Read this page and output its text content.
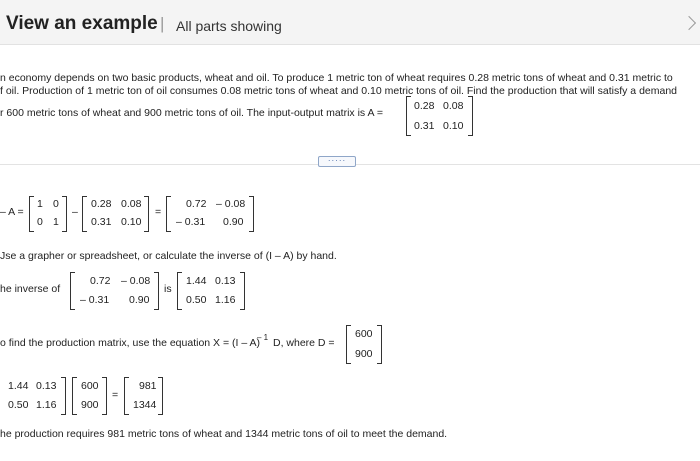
View an example | All parts showing
n economy depends on two basic products, wheat and oil. To produce 1 metric ton of wheat requires 0.28 metric tons of wheat and 0.31 metric to
f oil. Production of 1 metric ton of oil consumes 0.08 metric tons of wheat and 0.10 metric tons of oil. Find the production that will satisfy a demand
r 600 metric tons of wheat and 900 metric tons of oil. The input-output matrix is A =
0.28 0.08
0.31 0.10
·····
– A =
1 0
0 1
–
0.28 0.08
0.31 0.10
=
0.72 – 0.08
– 0.31 0.90
Jse a grapher or spreadsheet, or calculate the inverse of (I – A) by hand.
he inverse of
0.72 – 0.08
– 0.31 0.90
is
1.44 0.13
0.50 1.16
o find the production matrix, use the equation X = (I – A)
– 1 D, where D =
600
900
1.44 0.13
0.50 1.16
600
900
=
981
1344
he production requires 981 metric tons of wheat and 1344 metric tons of oil to meet the demand.
